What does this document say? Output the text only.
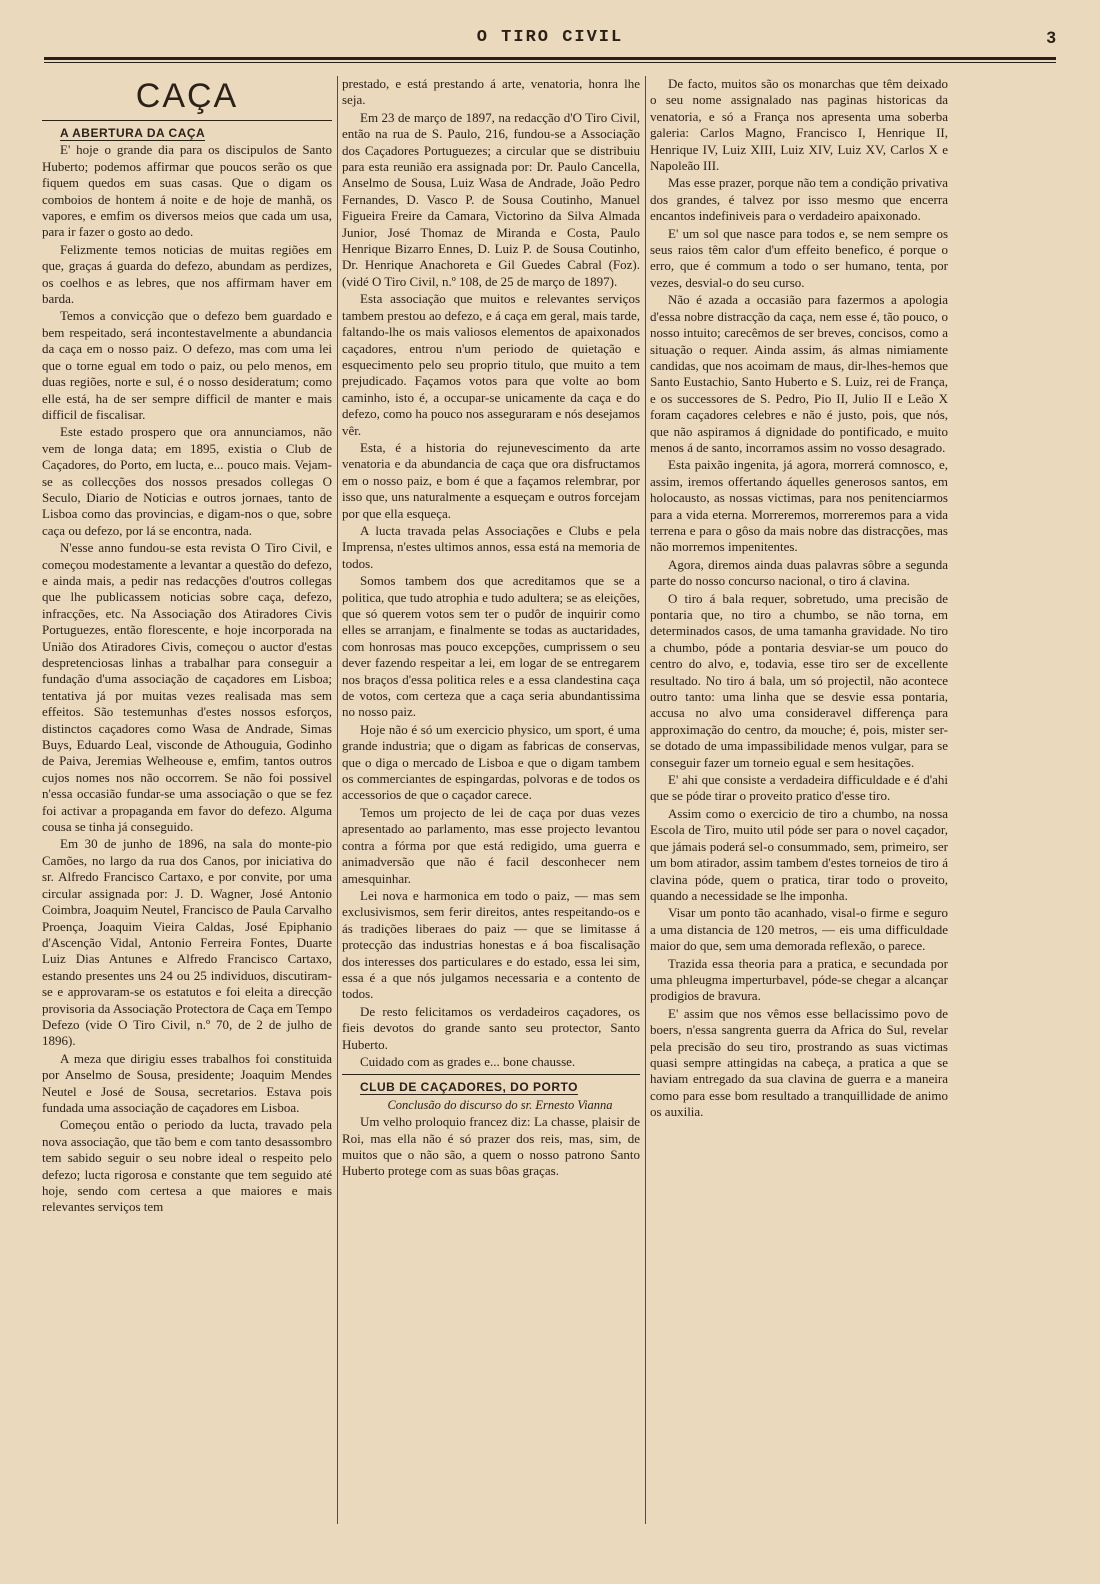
O TIRO CIVIL	3
CAÇA

A ABERTURA DA CAÇA

E' hoje o grande dia para os discipulos de Santo Huberto; podemos affirmar que poucos serão os que fiquem quedos em suas casas. Que o digam os comboios de hontem á noite e de hoje de manhã, os vapores, e emfim os diversos meios que cada um usa, para ir fazer o gosto ao dedo.

Felizmente temos noticias de muitas regiões em que, graças á guarda do defezo, abundam as perdizes, os coelhos e as lebres, que nos affirmam haver em barda.

Temos a convicção que o defezo bem guardado e bem respeitado, será incontestavelmente a abundancia da caça em o nosso paiz. O defezo, mas com uma lei que o torne egual em todo o paiz, ou pelo menos, em duas regiões, norte e sul, é o nosso desideratum; como elle está, ha de ser sempre difficil de manter e mais difficil de fiscalisar.

Este estado prospero que ora annunciamos, não vem de longa data; em 1895, existia o Club de Caçadores, do Porto, em lucta, e... pouco mais. Vejam-se as collecções dos nossos presados collegas O Seculo, Diario de Noticias e outros jornaes, tanto de Lisboa como das provincias, e digam-nos o que, sobre caça ou defezo, por lá se encontra, nada.

N'esse anno fundou-se esta revista O Tiro Civil, e começou modestamente a levantar a questão do defezo, e ainda mais, a pedir nas redacções d'outros collegas que lhe publicassem noticias sobre caça, defezo, infracções, etc. Na Associação dos Atiradores Civis Portuguezes, então florescente, e hoje incorporada na União dos Atiradores Civis, começou o auctor d'estas despretenciosas linhas a trabalhar para conseguir a fundação d'uma associação de caçadores em Lisboa; tentativa já por muitas vezes realisada mas sem effeitos. São testemunhas d'estes nossos esforços, distinctos caçadores como Wasa de Andrade, Simas Buys, Eduardo Leal, visconde de Athouguia, Godinho de Paiva, Jeremias Welheouse e, emfim, tantos outros cujos nomes nos não occorrem. Se não foi possivel n'essa occasião fundar-se uma associação o que se fez foi activar a propaganda em favor do defezo. Alguma cousa se tinha já conseguido.

Em 30 de junho de 1896, na sala do monte-pio Camões, no largo da rua dos Canos, por iniciativa do sr. Alfredo Francisco Cartaxo, e por convite, por uma circular assignada por: J. D. Wagner, José Antonio Coimbra, Joaquim Neutel, Francisco de Paula Carvalho Proença, Joaquim Vieira Caldas, José Epiphanio d'Ascenção Vidal, Antonio Ferreira Fontes, Duarte Luiz Dias Antunes e Alfredo Francisco Cartaxo, estando presentes uns 24 ou 25 individuos, discutiram-se e approvaram-se os estatutos e foi eleita a direcção provisoria da Associação Protectora de Caça em Tempo Defezo (vide O Tiro Civil, n.º 70, de 2 de julho de 1896).

A meza que dirigiu esses trabalhos foi constituida por Anselmo de Sousa, presidente; Joaquim Mendes Neutel e José de Sousa, secretarios. Estava pois fundada uma associação de caçadores em Lisboa.

Começou então o periodo da lucta, travado pela nova associação, que tão bem e com tanto desassombro tem sabido seguir o seu nobre ideal o respeito pelo defezo; lucta rigorosa e constante que tem seguido até hoje, sendo com certesa a que maiores e mais relevantes serviços tem

prestado, e está prestando á arte, venatoria, honra lhe seja.

Em 23 de março de 1897, na redacção d'O Tiro Civil, então na rua de S. Paulo, 216, fundou-se a Associação dos Caçadores Portuguezes; a circular que se distribuiu para esta reunião era assignada por: Dr. Paulo Cancella, Anselmo de Sousa, Luiz Wasa de Andrade, João Pedro Fernandes, D. Vasco P. de Sousa Coutinho, Manuel Figueira Freire da Camara, Victorino da Silva Almada Junior, José Thomaz de Miranda e Costa, Paulo Henrique Bizarro Ennes, D. Luiz P. de Sousa Coutinho, Dr. Henrique Anachoreta e Gil Guedes Cabral (Foz). (vidé O Tiro Civil, n.º 108, de 25 de março de 1897).

Esta associação que muitos e relevantes serviços tambem prestou ao defezo, e á caça em geral, mais tarde, faltando-lhe os mais valiosos elementos de apaixonados caçadores, entrou n'um periodo de quietação e esquecimento pelo seu proprio titulo, que muito a tem prejudicado. Façamos votos para que volte ao bom caminho, isto é, a occupar-se unicamente da caça e do defezo, como ha pouco nos asseguraram e nós desejamos vêr.

Esta, é a historia do rejunevescimento da arte venatoria e da abundancia de caça que ora disfructamos em o nosso paiz, e bom é que a façamos relembrar, por isso que, uns naturalmente a esqueçam e outros forcejam por que ella esqueça.

A lucta travada pelas Associações e Clubs e pela Imprensa, n'estes ultimos annos, essa está na memoria de todos.

Somos tambem dos que acreditamos que se a politica, que tudo atrophia e tudo adultera; se as eleições, que só querem votos sem ter o pudôr de inquirir como elles se arranjam, e finalmente se todas as auctaridades, com honrosas mas pouco excepções, cumprissem o seu dever fazendo respeitar a lei, em logar de se entregarem nos braços d'essa politica reles e a essa clandestina caça de votos, com certeza que a caça seria abundantissima no nosso paiz.

Hoje não é só um exercicio physico, um sport, é uma grande industria; que o digam as fabricas de conservas, que o diga o mercado de Lisboa e que o digam tambem os commerciantes de espingardas, polvoras e de todos os accessorios de que o caçador carece.

Temos um projecto de lei de caça por duas vezes apresentado ao parlamento, mas esse projecto levantou contra a fórma por que está redigido, uma guerra e animadversão que não é facil desconhecer nem amesquinhar.

Lei nova e harmonica em todo o paiz, — mas sem exclusivismos, sem ferir direitos, antes respeitando-os e ás tradições liberaes do paiz — que se limitasse á protecção das industrias honestas e á boa fiscalisação dos interesses dos particulares e do estado, essa lei sim, essa é a que nós julgamos necessaria e a contento de todos.

De resto felicitamos os verdadeiros caçadores, os fieis devotos do grande santo seu protector, Santo Huberto.

Cuidado com as grades e... bone chausse.

CLUB DE CAÇADORES, DO PORTO

Conclusão do discurso do sr. Ernesto Vianna

Um velho proloquio francez diz: La chasse, plaisir de Roi, mas ella não é só prazer dos reis, mas, sim, de muitos que o não são, a quem o nosso patrono Santo Huberto protege com as suas bôas graças.

De facto, muitos são os monarchas que têm deixado o seu nome assignalado nas paginas historicas da venatoria, e só a França nos apresenta uma soberba galeria: Carlos Magno, Francisco I, Henrique II, Henrique IV, Luiz XIII, Luiz XIV, Luiz XV, Carlos X e Napoleão III.

Mas esse prazer, porque não tem a condição privativa dos grandes, é talvez por isso mesmo que encerra encantos indefiniveis para o verdadeiro apaixonado.

E' um sol que nasce para todos e, se nem sempre os seus raios têm calor d'um effeito benefico, é porque o erro, que é commum a todo o ser humano, tenta, por vezes, desvial-o do seu curso.

Não é azada a occasião para fazermos a apologia d'essa nobre distracção da caça, nem esse é, tão pouco, o nosso intuito; carecêmos de ser breves, concisos, como a situação o requer. Ainda assim, ás almas nimiamente candidas, que nos acoimam de maus, dir-lhes-hemos que Santo Eustachio, Santo Huberto e S. Luiz, rei de França, e os successores de S. Pedro, Pio II, Julio II e Leão X foram caçadores celebres e não é justo, pois, que nós, que não aspiramos á dignidade do pontificado, e muito menos á de santo, incorramos assim no vosso desagrado.

Esta paixão ingenita, já agora, morrerá comnosco, e, assim, iremos offertando áquelles generosos santos, em holocausto, as nossas victimas, para nos penitenciarmos para a vida eterna. Morreremos, morreremos para a vida terrena e para o gôso da mais nobre das distracções, mas não morremos impenitentes.

Agora, diremos ainda duas palavras sôbre a segunda parte do nosso concurso nacional, o tiro á clavina.

O tiro á bala requer, sobretudo, uma precisão de pontaria que, no tiro a chumbo, se não torna, em determinados casos, de uma tamanha gravidade. No tiro a chumbo, póde a pontaria desviar-se um pouco do centro do alvo, e, todavia, esse tiro ser de excellente resultado. No tiro á bala, um só projectil, não acontece outro tanto: uma linha que se desvie essa pontaria, accusa no alvo uma consideravel differença para approximação do centro, da mouche; é, pois, mister ser-se dotado de uma impassibilidade menos vulgar, para se conseguir fazer um torneio egual e sem hesitações.

E' ahi que consiste a verdadeira difficuldade e é d'ahi que se póde tirar o proveito pratico d'esse tiro.

Assim como o exercicio de tiro a chumbo, na nossa Escola de Tiro, muito util póde ser para o novel caçador, que jámais poderá sel-o consummado, sem, primeiro, ser um bom atirador, assim tambem d'estes torneios de tiro á clavina póde, quem o pratica, tirar todo o proveito, quando a necessidade se lhe imponha.

Visar um ponto tão acanhado, visal-o firme e seguro a uma distancia de 120 metros, — eis uma difficuldade maior do que, sem uma demorada reflexão, o parece.

Trazida essa theoria para a pratica, e secundada por uma phleugma imperturbavel, póde-se chegar a alcançar prodigios de bravura.

E' assim que nos vêmos esse bellacissimo povo de boers, n'essa sangrenta guerra da Africa do Sul, revelar pela precisão do seu tiro, prostrando as suas victimas quasi sempre attingidas na cabeça, a pratica a que se haviam entregado da sua clavina de guerra e a maneira como para esse bom resultado a tranquillidade de animo os auxilia.
